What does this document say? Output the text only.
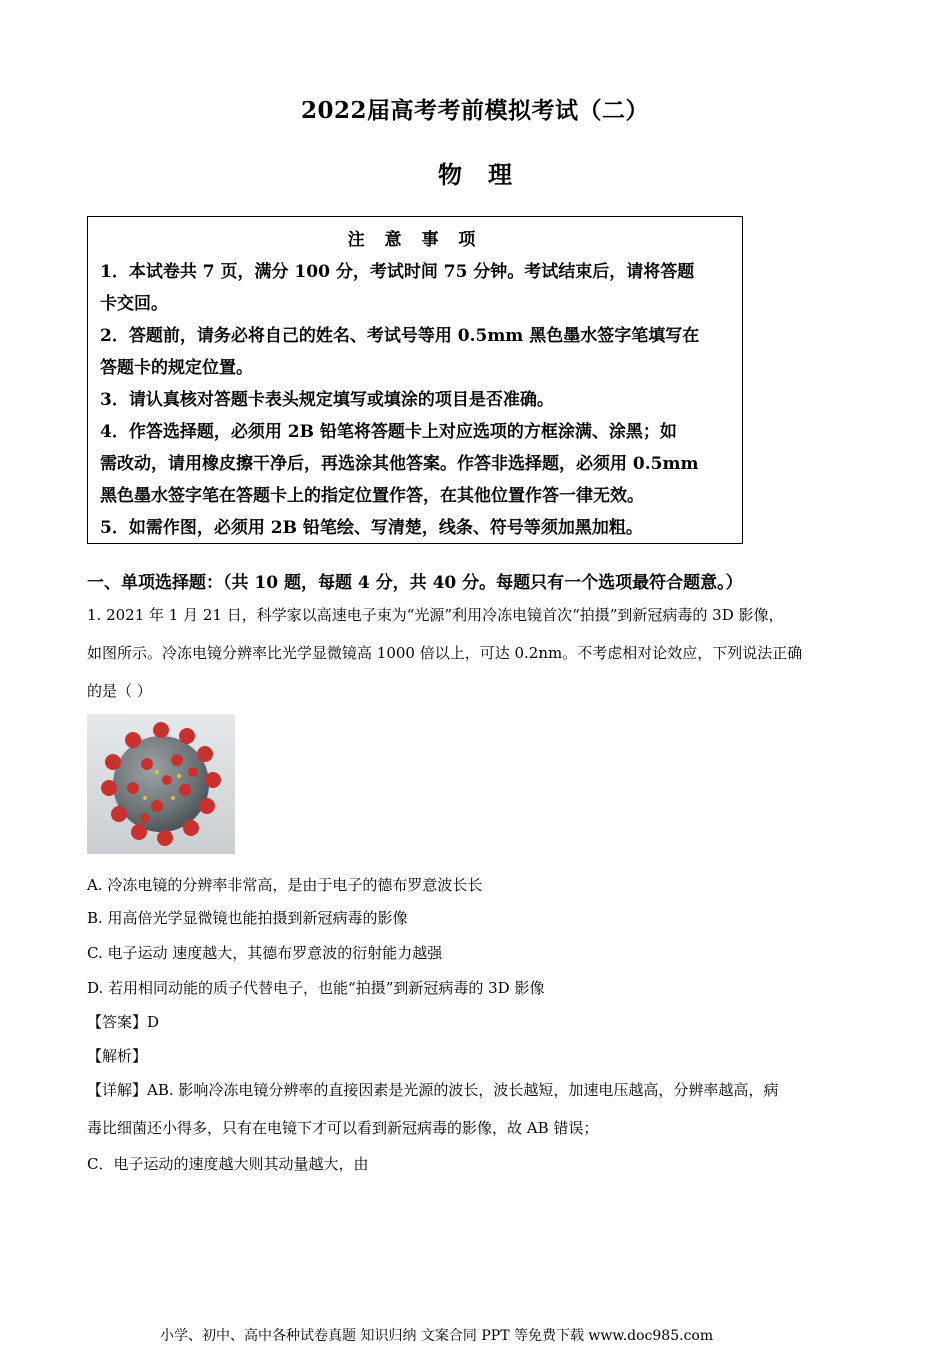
2022届高考考前模拟考试（二）
物理
注 意 事 项
1．本试卷共 7 页，满分 100 分，考试时间 75 分钟。考试结束后，请将答题
卡交回。
2．答题前，请务必将自己的姓名、考试号等用 0.5mm 黑色墨水签字笔填写在
答题卡的规定位置。
3．请认真核对答题卡表头规定填写或填涂的项目是否准确。
4．作答选择题，必须用 2B 铅笔将答题卡上对应选项的方框涂满、涂黑；如
需改动，请用橡皮擦干净后，再选涂其他答案。作答非选择题，必须用 0.5mm
黑色墨水签字笔在答题卡上的指定位置作答，在其他位置作答一律无效。
5．如需作图，必须用 2B 铅笔绘、写清楚，线条、符号等须加黑加粗。
一、单项选择题：（共 10 题，每题 4 分，共 40 分。每题只有一个选项最符合题意。）
1. 2021 年 1 月 21 日，科学家以高速电子束为“光源”利用冷冻电镜首次“拍摄”到新冠病毒的 3D 影像，
如图所示。冷冻电镜分辨率比光学显微镜高 1000 倍以上，可达 0.2nm。不考虑相对论效应，下列说法正确
的是（ ）
A. 冷冻电镜的分辨率非常高，是由于电子的德布罗意波长长
B. 用高倍光学显微镜也能拍摄到新冠病毒的影像
C. 电子运动 速度越大，其德布罗意波的衍射能力越强
D. 若用相同动能的质子代替电子，也能“拍摄”到新冠病毒的 3D 影像
【答案】D
【解析】
【详解】AB. 影响冷冻电镜分辨率的直接因素是光源的波长，波长越短，加速电压越高，分辨率越高，病
毒比细菌还小得多，只有在电镜下才可以看到新冠病毒的影像，故 AB 错误；
C．电子运动的速度越大则其动量越大，由
小学、初中、高中各种试卷真题 知识归纳 文案合同 PPT 等免费下载 www.doc985.com
